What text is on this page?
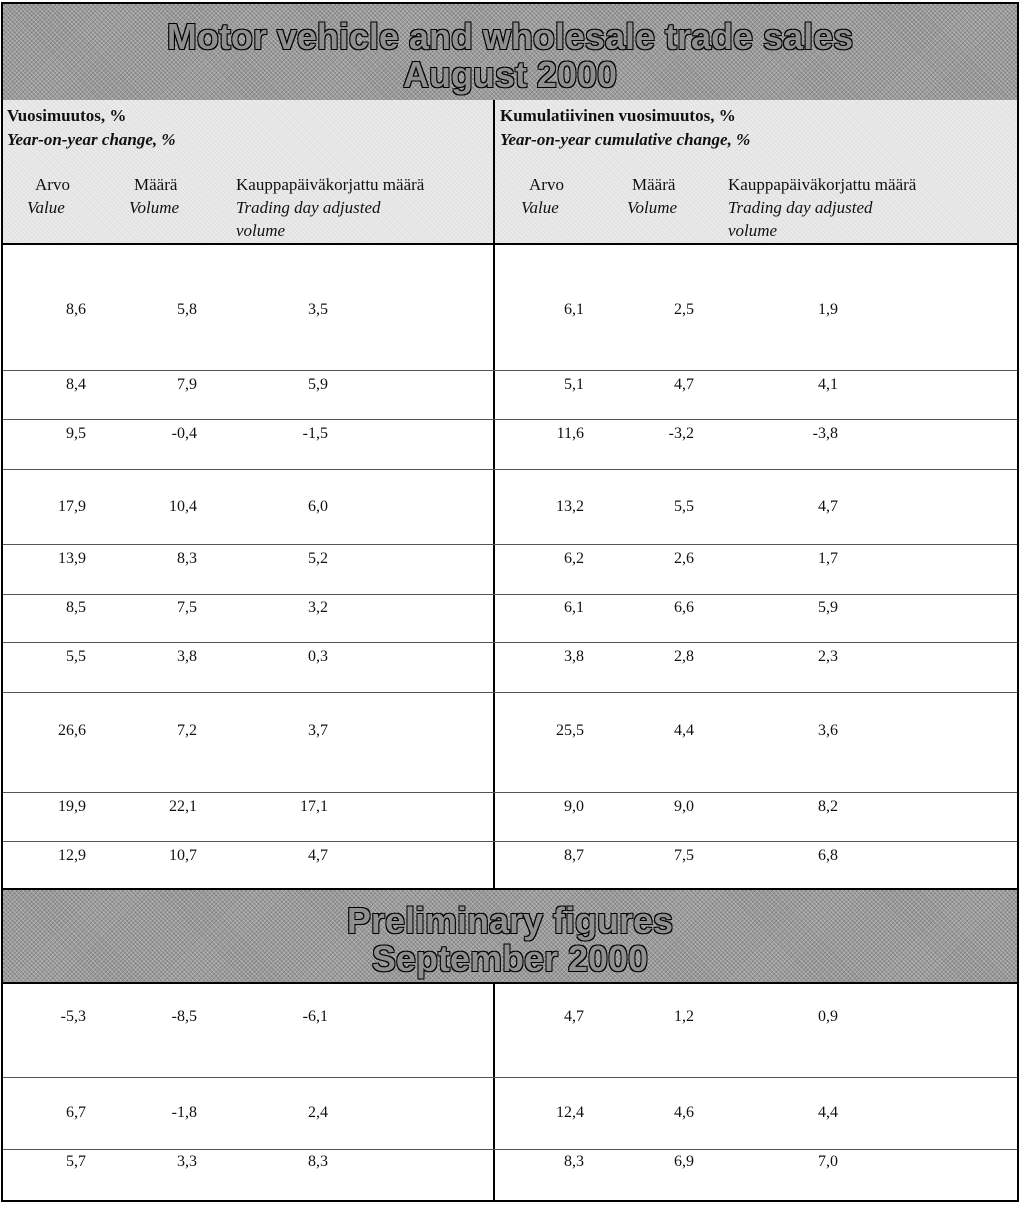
Motor vehicle and wholesale trade sales
August 2000
Vuosimuutos, %
Year-on-year change, %
Kumulatiivinen vuosimuutos, %
Year-on-year cumulative change, %
Arvo
Value
Määrä
Volume
Kauppapäiväkorjattu määrä
Trading day adjusted
volume
Arvo
Value
Määrä
Volume
Kauppapäiväkorjattu määrä
Trading day adjusted
volume
8,6	5,8	3,5	6,1	2,5	1,9
8,4	7,9	5,9	5,1	4,7	4,1
9,5	-0,4	-1,5	11,6	-3,2	-3,8
17,9	10,4	6,0	13,2	5,5	4,7
13,9	8,3	5,2	6,2	2,6	1,7
8,5	7,5	3,2	6,1	6,6	5,9
5,5	3,8	0,3	3,8	2,8	2,3
26,6	7,2	3,7	25,5	4,4	3,6
19,9	22,1	17,1	9,0	9,0	8,2
12,9	10,7	4,7	8,7	7,5	6,8
Preliminary figures
September 2000
-5,3	-8,5	-6,1	4,7	1,2	0,9
6,7	-1,8	2,4	12,4	4,6	4,4
5,7	3,3	8,3	8,3	6,9	7,0
